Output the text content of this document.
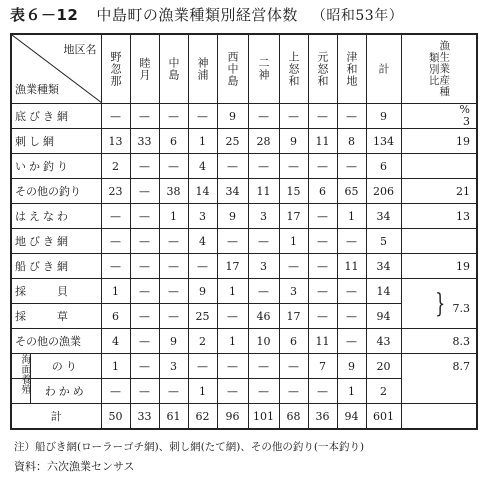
表６－12 中島町の漁業種類別経営体数 （昭和53年）
地区名
漁業種類	野忽那	睦月	中島	神浦	西中島	二神	上怒和	元怒和	津和地	計	漁生業産種類別比

底びき網	—	—	—	—	9	—	—	—	—	9	%
3

刺し網	13	33	6	1	25	28	9	11	8	134	19
いか釣り	2	—	—	4	—	—	—	—	—	6	
その他の釣り	23	—	38	14	34	11	15	6	65	206	21
はえなわ	—	—	1	3	9	3	17	—	1	34	13
地びき網	—	—	—	4	—	—	1	—	—	5	
船びき網	—	—	—	—	17	3	—	—	11	34	19
採　　貝	1	—	—	9	1	—	3	—	—	14	} 7.3
採　　草	6	—	—	25	—	46	17	—	—	94	
その他の漁業	4	—	9	2	1	10	6	11	—	43	8.3

海面養殖 のり	1	—	3	—	—	—	—	7	9	20	8.7

わかめ	—	—	—	1	—	—	—	—	1	2	
計	50	33	61	62	96	101	68	36	94	601	
注）船びき網(ローラーゴチ網)、刺し網(たて網)、その他の釣り(一本釣り)
資料：六次漁業センサス
